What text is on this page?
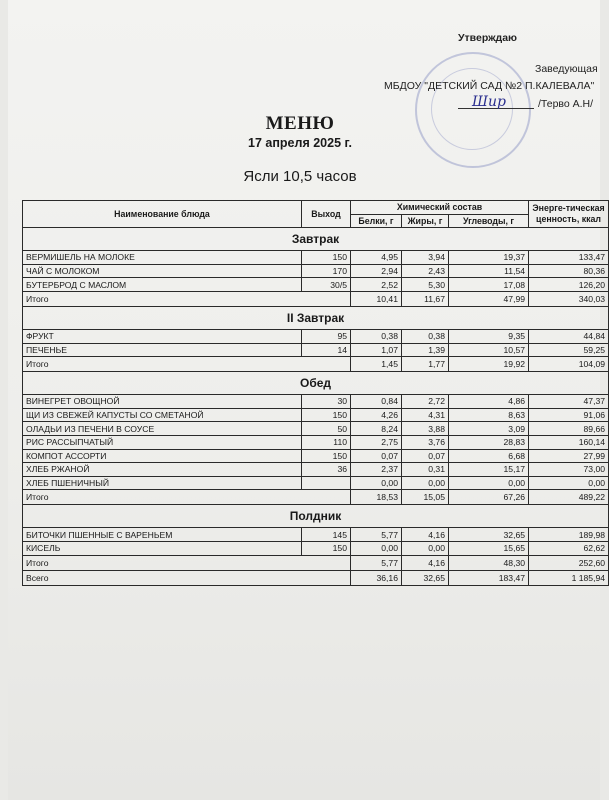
Утверждаю
Заведующая
МБДОУ "ДЕТСКИЙ САД №2 П.КАЛЕВАЛА"
Шир	/Терво А.Н/
МЕНЮ
17 апреля 2025 г.
Ясли 10,5 часов
Наименование блюда	Выход	Химический состав			Энерге-тическая ценность, ккал
		Белки, г	Жиры, г	Углеводы, г	
Завтрак					
ВЕРМИШЕЛЬ НА МОЛОКЕ	150	4,95	3,94	19,37	133,47
ЧАЙ С МОЛОКОМ	170	2,94	2,43	11,54	80,36
БУТЕРБРОД С МАСЛОМ	30/5	2,52	5,30	17,08	126,20
Итого		10,41	11,67	47,99	340,03
II Завтрак					
ФРУКТ	95	0,38	0,38	9,35	44,84
ПЕЧЕНЬЕ	14	1,07	1,39	10,57	59,25
Итого		1,45	1,77	19,92	104,09
Обед					
ВИНЕГРЕТ ОВОЩНОЙ	30	0,84	2,72	4,86	47,37
ЩИ ИЗ СВЕЖЕЙ КАПУСТЫ СО СМЕТАНОЙ	150	4,26	4,31	8,63	91,06
ОЛАДЬИ ИЗ ПЕЧЕНИ В СОУСЕ	50	8,24	3,88	3,09	89,66
РИС РАССЫПЧАТЫЙ	110	2,75	3,76	28,83	160,14
КОМПОТ АССОРТИ	150	0,07	0,07	6,68	27,99
ХЛЕБ РЖАНОЙ	36	2,37	0,31	15,17	73,00
ХЛЕБ ПШЕНИЧНЫЙ		0,00	0,00	0,00	0,00
Итого		18,53	15,05	67,26	489,22
Полдник					
БИТОЧКИ ПШЕННЫЕ С ВАРЕНЬЕМ	145	5,77	4,16	32,65	189,98
КИСЕЛЬ	150	0,00	0,00	15,65	62,62
Итого		5,77	4,16	48,30	252,60
Всего		36,16	32,65	183,47	1 185,94
